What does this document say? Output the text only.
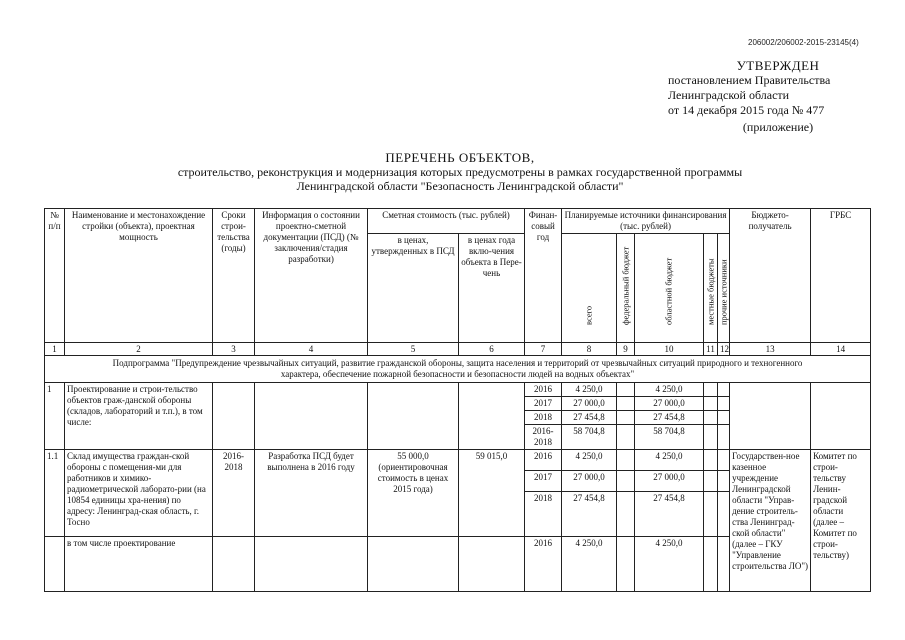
206002/206002-2015-23145(4)
УТВЕРЖДЕН
постановлением Правительства
Ленинградской области
от 14 декабря 2015 года № 477
(приложение)
ПЕРЕЧЕНЬ ОБЪЕКТОВ,
строительство, реконструкция и модернизация которых предусмотрены в рамках государственной программы
Ленинградской области "Безопасность Ленинградской области"
№ п/п	Наименование и местонахождение стройки (объекта), проектная мощность	Сроки строи-тельства (годы)	Информация о состоянии проектно-сметной документации (ПСД) (№ заключения/стадия разработки)	Сметная стоимость (тыс. рублей)		Финан-совый год	Планируемые источники финансирования (тыс. рублей)					Бюджето-получатель	ГРБС
				в ценах, утвержденных в ПСД	в ценах года вклю-чения объекта в Пере-чень		всего	федеральный бюджет	областной бюджет	местные бюджеты	прочие источники		

1	2	3	4	5	6	7	8	9	10	11	12	13	14
Подпрограмма "Предупреждение чрезвычайных ситуаций, развитие гражданской обороны, защита населения и территорий от чрезвычайных ситуаций природного и техногенного характера, обеспечение пожарной безопасности и безопасности людей на водных объектах"													
1	Проектирование и строи-тельство объектов граж-данской обороны (складов, лабораторий и т.п.), в том числе:					2016	4 250,0		4 250,0				
						2017	27 000,0		27 000,0				
						2018	27 454,8		27 454,8				
						2016-2018	58 704,8		58 704,8				
1.1	Склад имущества граждан-ской обороны с помещения-ми для работников и химико-радиометрической лаборато-рии (на 10854 единицы хра-нения) по адресу: Ленинград-ская область, г. Тосно	2016-2018	Разработка ПСД будет выполнена в 2016 году	55 000,0 (ориентировочная стоимость в ценах 2015 года)	59 015,0	2016	4 250,0		4 250,0			Государствен-ное казенное учреждение Ленинградской области "Управ-дение строитель-ства Ленинград-ской области" (далее – ГКУ "Управление строительства ЛО")	Комитет по строи-тельству Ленин-градской области (далее – Комитет по строи-тельству)
						2017	27 000,0		27 000,0				
						2018	27 454,8		27 454,8				
	в том числе проектирование					2016	4 250,0		4 250,0				
